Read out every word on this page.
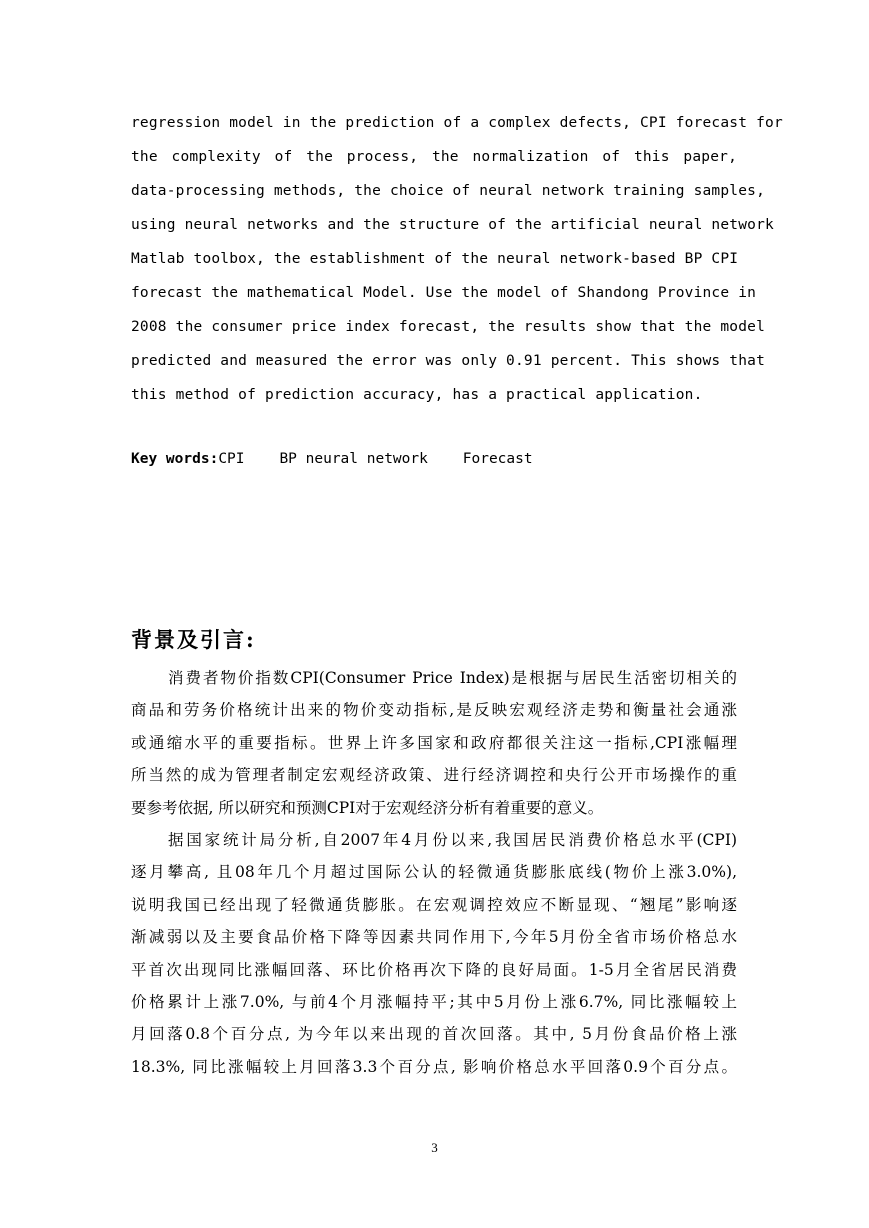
regression model in the prediction of a complex defects, CPI forecast for
the complexity of the process, the normalization of this paper,
data-processing methods, the choice of neural network training samples,
using neural networks and the structure of the artificial neural network
Matlab toolbox, the establishment of the neural network-based BP CPI
forecast the mathematical Model. Use the model of Shandong Province in
2008 the consumer price index forecast, the results show that the model
predicted and measured the error was only 0.91 percent. This shows that
this method of prediction accuracy, has a practical application.
Key words:CPI BP neural network Forecast
背景及引言:
消费者物价指数CPI(Consumer Price Index)是根据与居民生活密切相关的
商品和劳务价格统计出来的物价变动指标,是反映宏观经济走势和衡量社会通涨
或通缩水平的重要指标。世界上许多国家和政府都很关注这一指标,CPI涨幅理
所当然的成为管理者制定宏观经济政策、进行经济调控和央行公开市场操作的重
要参考依据, 所以研究和预测CPI对于宏观经济分析有着重要的意义。
据国家统计局分析,自2007年4月份以来,我国居民消费价格总水平(CPI)
逐月攀高, 且08年几个月超过国际公认的轻微通货膨胀底线(物价上涨3.0%),
说明我国已经出现了轻微通货膨胀。在宏观调控效应不断显现、“翘尾”影响逐
渐减弱以及主要食品价格下降等因素共同作用下,今年5月份全省市场价格总水
平首次出现同比涨幅回落、环比价格再次下降的良好局面。1-5月全省居民消费
价格累计上涨7.0%, 与前4个月涨幅持平;其中5月份上涨6.7%, 同比涨幅较上
月回落0.8个百分点, 为今年以来出现的首次回落。其中, 5月份食品价格上涨
18.3%, 同比涨幅较上月回落3.3个百分点, 影响价格总水平回落0.9个百分点。
3
